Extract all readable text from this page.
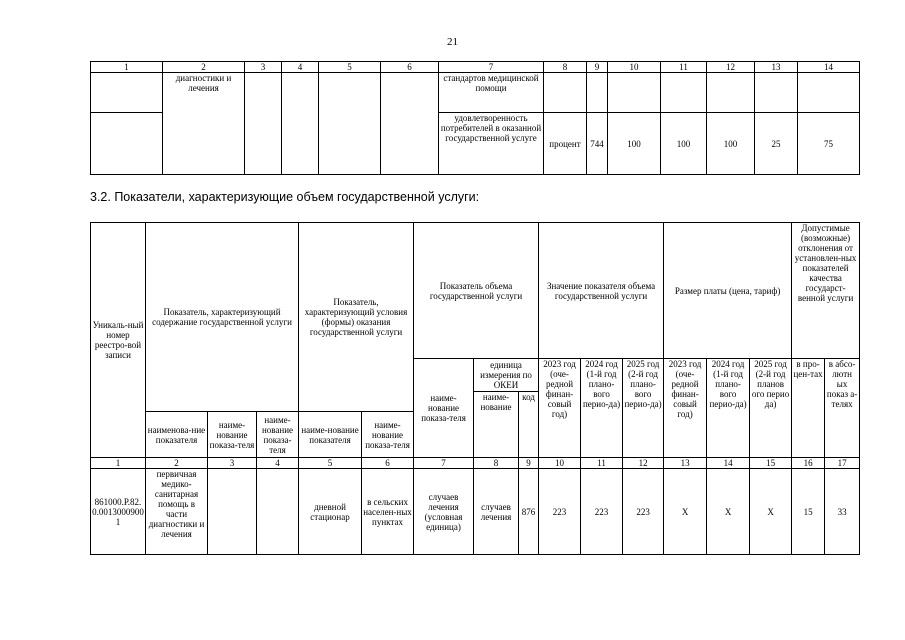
21
1	2	3	4	5	6	7	8	9	10	11	12	13	14
	диагностики и лечения					стандартов медицинской помощи							
						удовлетворенность потребителей в оказанной государственной услуге	процент	744	100	100	100	25	75
3.2. Показатели, характеризующие объем государственной услуги:
Уникаль-ный номер реестро-вой записи	Показатель, характеризующий содержание государственной услуги			Показатель, характеризующий условия (формы) оказания государственной услуги		Показатель объема государственной услуги			Значение показателя объема государственной услуги			Размер платы (цена, тариф)			Допустимые (возможные) отклонения от установлен-ных показателей качества государст-венной услуги	
						наиме-нование показа-теля	единица измерения по ОКЕИ		2023 год (оче-редной финан-совый год)	2024 год (1-й год плано-вого перио-да)	2025 год (2-й год плано-вого перио-да)	2023 год (оче-редной финан-совый год)	2024 год (1-й год плано-вого перио-да)	2025 год (2-й год планов ого перио да)	в про-цен-тах	в абсо-лютн ых показ а-телях
							наиме-нование	код								
	наименова-ние показателя	наиме-нование показа-теля	наиме-нование показа-теля	наиме-нование показателя	наиме-нование показа-теля											
1	2	3	4	5	6	7	8	9	10	11	12	13	14	15	16	17
861000.Р.82.0.00130009001	первичная медико-санитарная помощь в части диагностики и лечения			дневной стационар	в сельских населен-ных пунктах	случаев лечения (условная единица)	случаев лечения	876	223	223	223	Х	Х	Х	15	33
